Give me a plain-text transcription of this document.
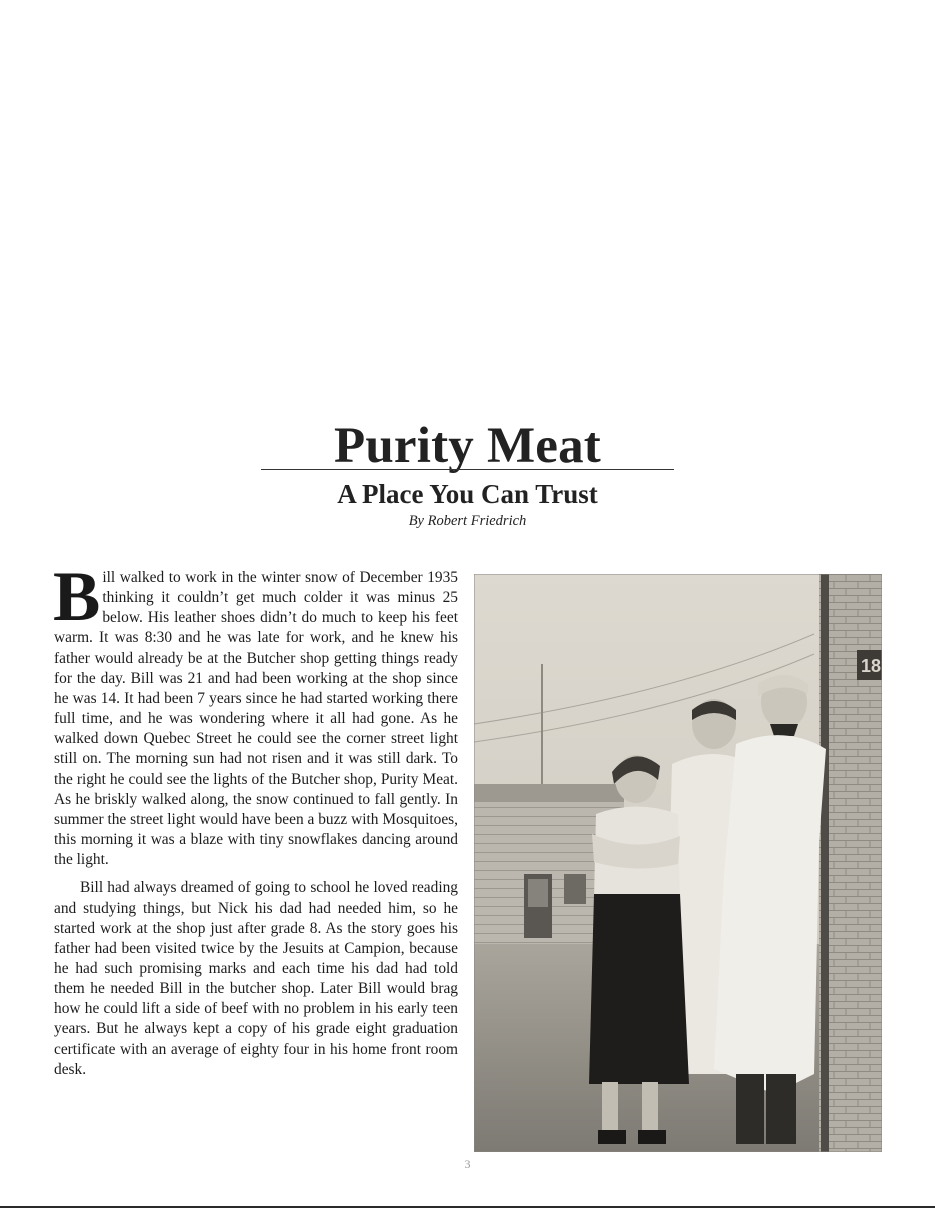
Purity Meat
A Place You Can Trust
By Robert Friedrich

Bill walked to work in the winter snow of December 1935 thinking it couldn’t get much colder it was minus 25 below. His leather shoes didn’t do much to keep his feet warm. It was 8:30 and he was late for work, and he knew his father would already be at the Butcher shop getting things ready for the day. Bill was 21 and had been working at the shop since he was 14. It had been 7 years since he had started working there full time, and he was wondering where it all had gone. As he walked down Quebec Street he could see the corner street light still on. The morning sun had not risen and it was still dark. To the right he could see the lights of the Butcher shop, Purity Meat. As he briskly walked along, the snow continued to fall gently. In summer the street light would have been a buzz with Mosquitoes, this morning it was a blaze with tiny snowflakes dancing around the light.

Bill had always dreamed of going to school he loved reading and studying things, but Nick his dad had needed him, so he started work at the shop just after grade 8. As the story goes his father had been visited twice by the Jesuits at Campion, because he had such promising marks and each time his dad had told them he needed Bill in the butcher shop. Later Bill would brag how he could lift a side of beef with no problem in his early teen years. But he always kept a copy of his grade eight graduation certificate with an average of eighty four in his home front room desk.

18
3
